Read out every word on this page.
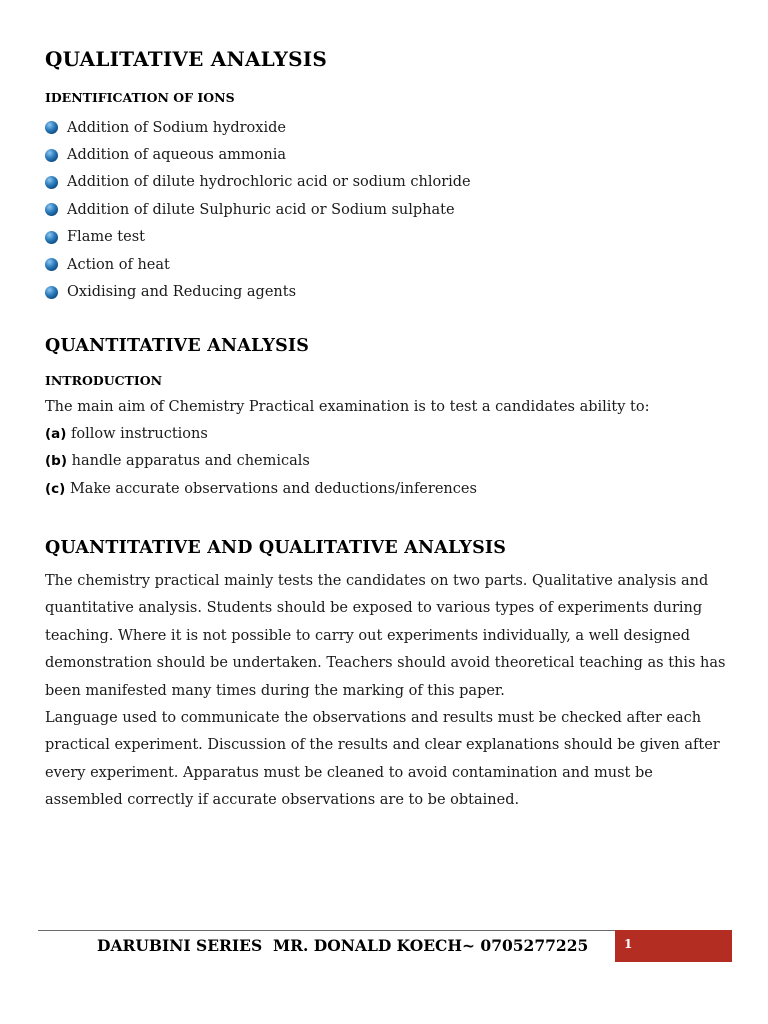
QUALITATIVE ANALYSIS
IDENTIFICATION OF IONS
Addition of Sodium hydroxide
Addition of aqueous ammonia
Addition of dilute hydrochloric acid or sodium chloride
Addition of dilute Sulphuric acid or Sodium sulphate
Flame test
Action of heat
Oxidising and Reducing agents
QUANTITATIVE ANALYSIS
INTRODUCTION

The main aim of Chemistry Practical examination is to test a candidates ability to:

(a) follow instructions
(b) handle apparatus and chemicals
(c) Make accurate observations and deductions/inferences
QUANTITATIVE AND QUALITATIVE ANALYSIS

The chemistry practical mainly tests the candidates on two parts. Qualitative analysis and quantitative analysis. Students should be exposed to various types of experiments during teaching. Where it is not possible to carry out experiments individually, a well designed demonstration should be undertaken. Teachers should avoid theoretical teaching as this has been manifested many times during the marking of this paper.

Language used to communicate the observations and results must be checked after each practical experiment. Discussion of the results and clear explanations should be given after every experiment. Apparatus must be cleaned to avoid contamination and must be assembled correctly if accurate observations are to be obtained.

DARUBINI SERIES  MR. DONALD KOECH~ 0705277225	1
